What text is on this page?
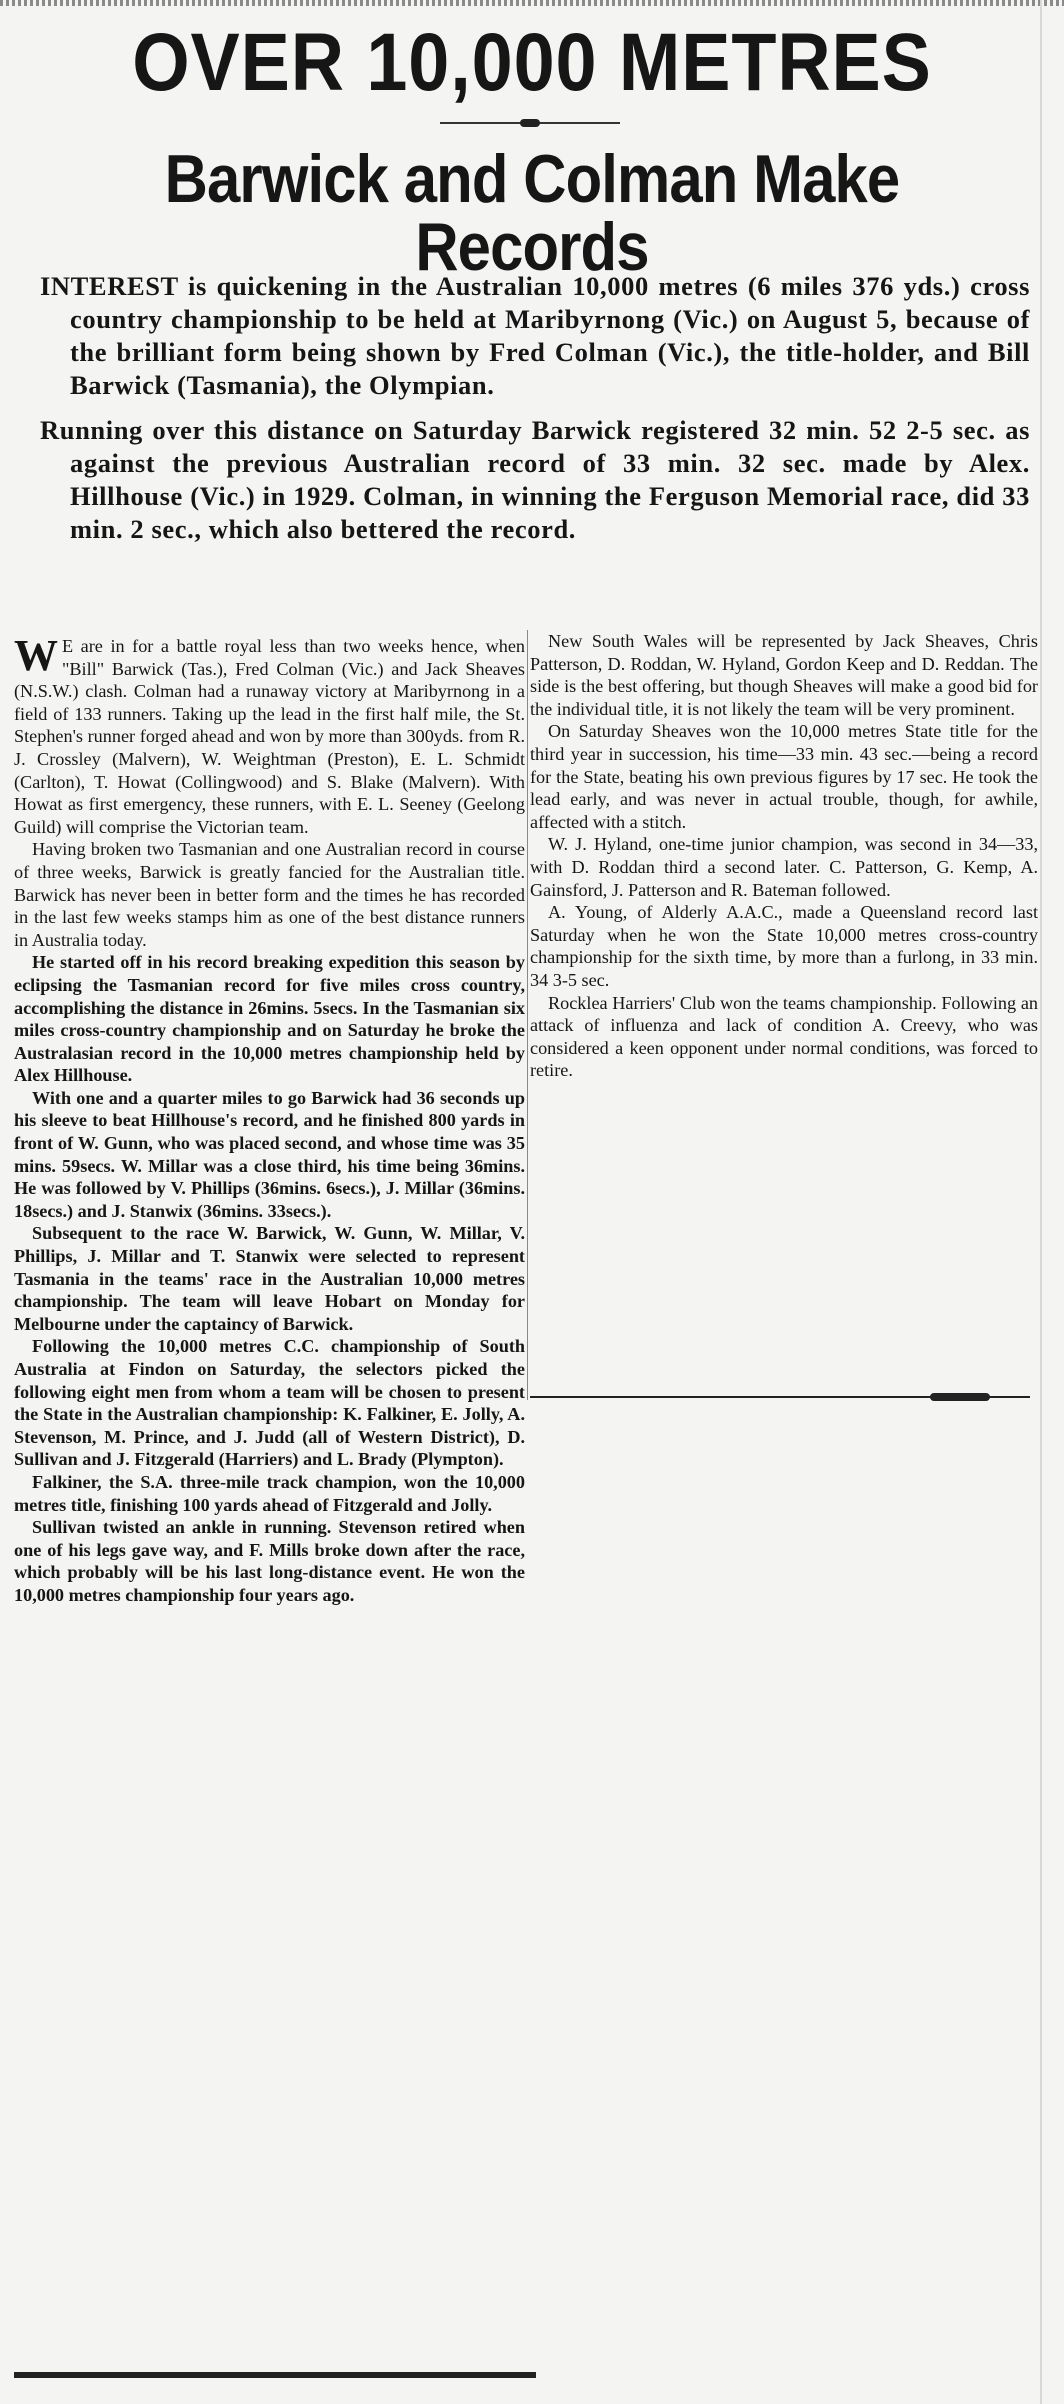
OVER 10,000 METRES
Barwick and Colman Make Records

INTEREST is quickening in the Australian 10,000 metres (6 miles 376 yds.) cross country championship to be held at Maribyrnong (Vic.) on August 5, because of the brilliant form being shown by Fred Colman (Vic.), the title-holder, and Bill Barwick (Tasmania), the Olympian.

Running over this distance on Saturday Barwick registered 32 min. 52 2-5 sec. as against the previous Australian record of 33 min. 32 sec. made by Alex. Hillhouse (Vic.) in 1929. Colman, in winning the Ferguson Memorial race, did 33 min. 2 sec., which also bettered the record.

W E are in for a battle royal less than two weeks hence, when "Bill" Barwick (Tas.), Fred Colman (Vic.) and Jack Sheaves (N.S.W.) clash. Colman had a runaway victory at Maribyrnong in a field of 133 runners. Taking up the lead in the first half mile, the St. Stephen's runner forged ahead and won by more than 300yds. from R. J. Crossley (Malvern), W. Weightman (Preston), E. L. Schmidt (Carlton), T. Howat (Collingwood) and S. Blake (Malvern). With Howat as first emergency, these runners, with E. L. Seeney (Geelong Guild) will comprise the Victorian team.

Having broken two Tasmanian and one Australian record in course of three weeks, Barwick is greatly fancied for the Australian title. Barwick has never been in better form and the times he has recorded in the last few weeks stamps him as one of the best distance runners in Australia today.

He started off in his record breaking expedition this season by eclipsing the Tasmanian record for five miles cross country, accomplishing the distance in 26mins. 5secs. In the Tasmanian six miles cross-country championship and on Saturday he broke the Australasian record in the 10,000 metres championship held by Alex Hillhouse.

With one and a quarter miles to go Barwick had 36 seconds up his sleeve to beat Hillhouse's record, and he finished 800 yards in front of W. Gunn, who was placed second, and whose time was 35 mins. 59secs. W. Millar was a close third, his time being 36mins. He was followed by V. Phillips (36mins. 6secs.), J. Millar (36mins. 18secs.) and J. Stanwix (36mins. 33secs.).

Subsequent to the race W. Barwick, W. Gunn, W. Millar, V. Phillips, J. Millar and T. Stanwix were selected to represent Tasmania in the teams' race in the Australian 10,000 metres championship. The team will leave Hobart on Monday for Melbourne under the captaincy of Barwick.

Following the 10,000 metres C.C. championship of South Australia at Findon on Saturday, the selectors picked the following eight men from whom a team will be chosen to present the State in the Australian championship: K. Falkiner, E. Jolly, A. Stevenson, M. Prince, and J. Judd (all of Western District), D. Sullivan and J. Fitzgerald (Harriers) and L. Brady (Plympton).

Falkiner, the S.A. three-mile track champion, won the 10,000 metres title, finishing 100 yards ahead of Fitzgerald and Jolly.

Sullivan twisted an ankle in running. Stevenson retired when one of his legs gave way, and F. Mills broke down after the race, which probably will be his last long-distance event. He won the 10,000 metres championship four years ago.

New South Wales will be represented by Jack Sheaves, Chris Patterson, D. Roddan, W. Hyland, Gordon Keep and D. Reddan. The side is the best offering, but though Sheaves will make a good bid for the individual title, it is not likely the team will be very prominent.

On Saturday Sheaves won the 10,000 metres State title for the third year in succession, his time—33 min. 43 sec.—being a record for the State, beating his own previous figures by 17 sec. He took the lead early, and was never in actual trouble, though, for awhile, affected with a stitch.

W. J. Hyland, one-time junior champion, was second in 34—33, with D. Roddan third a second later. C. Patterson, G. Kemp, A. Gainsford, J. Patterson and R. Bateman followed.

A. Young, of Alderly A.A.C., made a Queensland record last Saturday when he won the State 10,000 metres cross-country championship for the sixth time, by more than a furlong, in 33 min. 34 3-5 sec.

Rocklea Harriers' Club won the teams championship. Following an attack of influenza and lack of condition A. Creevy, who was considered a keen opponent under normal conditions, was forced to retire.
